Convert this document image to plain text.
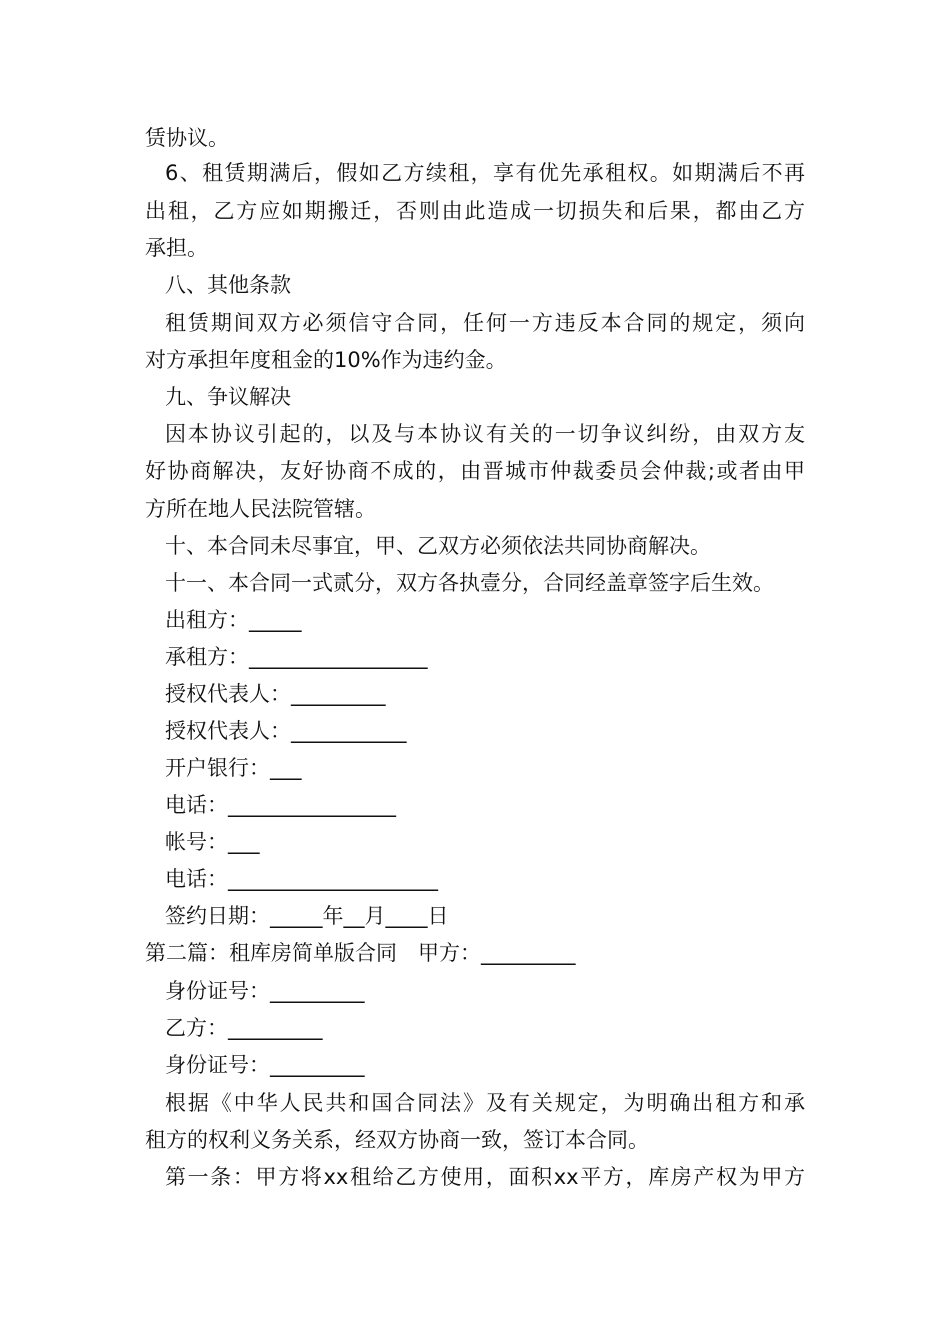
赁协议。
6、租赁期满后，假如乙方续租，享有优先承租权。如期满后不再
出租，乙方应如期搬迁，否则由此造成一切损失和后果，都由乙方
承担。
八、其他条款
租赁期间双方必须信守合同，任何一方违反本合同的规定，须向
对方承担年度租金的10%作为违约金。
九、争议解决
因本协议引起的，以及与本协议有关的一切争议纠纷，由双方友
好协商解决，友好协商不成的，由晋城市仲裁委员会仲裁;或者由甲
方所在地人民法院管辖。
十、本合同未尽事宜，甲、乙双方必须依法共同协商解决。
十一、本合同一式贰分，双方各执壹分，合同经盖章签字后生效。
出租方：_____
承租方：_________________
授权代表人：_________
授权代表人：___________
开户银行：___
电话：________________
帐号：___
电话：____________________
签约日期：_____年__月____日
第二篇：租库房简单版合同　甲方：_________
身份证号：_________
乙方：_________
身份证号：_________
根据《中华人民共和国合同法》及有关规定，为明确出租方和承
租方的权利义务关系，经双方协商一致，签订本合同。
第一条：甲方将xx租给乙方使用，面积xx平方，库房产权为甲方
